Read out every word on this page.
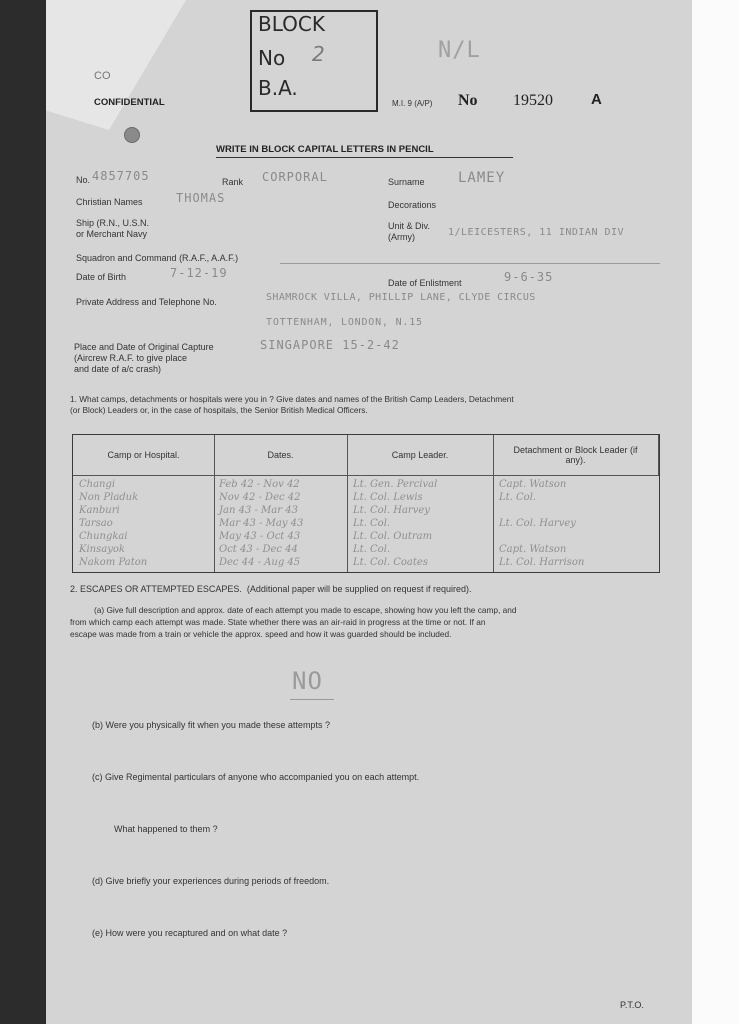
CO
CONFIDENTIAL
BLOCK
No
B.A.
2	N/L
M.I. 9 (A/P) No 19520	A
WRITE IN BLOCK CAPITAL LETTERS IN PENCIL
No. 4857705	Rank CORPORAL	Surname LAMEY
Christian Names	THOMAS	Decorations
Ship (R.N., U.S.N.
or Merchant Navy
Unit & Div.
(Army)	1/LEICESTERS, 11 INDIAN DIV
Squadron and Command (R.A.F., A.A.F.)
Date of Birth	7-12-19
Date of Enlistment	9-6-35
Private Address and Telephone No.	SHAMROCK VILLA, PHILLIP LANE, CLYDE CIRCUS
TOTTENHAM, LONDON, N.15
Place and Date of Original Capture
(Aircrew R.A.F. to give place
and date of a/c crash)
SINGAPORE 15-2-42
1. What camps, detachments or hospitals were you in ? Give dates and names of the British Camp Leaders, Detachment
(or Block) Leaders or, in the case of hospitals, the Senior British Medical Officers.
Camp or Hospital.	Dates.	Camp Leader.	Detachment or Block Leader (if any).
Changi	Feb 42 - Nov 42	Lt. Gen. Percival	Capt. Watson
Non Pladuk	Nov 42 - Dec 42	Lt. Col. Lewis	Lt. Col.
Kanburi	Jan 43 - Mar 43	Lt. Col. Harvey
Tarsao	Mar 43 - May 43	Lt. Col.	Lt. Col. Harvey
Chungkai	May 43 - Oct 43	Lt. Col. Outram
Kinsayok	Oct 43 - Dec 44	Lt. Col.	Capt. Watson
Nakom Paton	Dec 44 - Aug 45	Lt. Col. Coates	Lt. Col. Harrison
2. ESCAPES OR ATTEMPTED ESCAPES. (Additional paper will be supplied on request if required).
(a) Give full description and approx. date of each attempt you made to escape, showing how you left the camp, and
from which camp each attempt was made. State whether there was an air-raid in progress at the time or not. If an
escape was made from a train or vehicle the approx. speed and how it was guarded should be included.
NO
(b) Were you physically fit when you made these attempts ?
(c) Give Regimental particulars of anyone who accompanied you on each attempt.
What happened to them ?
(d) Give briefly your experiences during periods of freedom.
(e) How were you recaptured and on what date ?
P.T.O.
